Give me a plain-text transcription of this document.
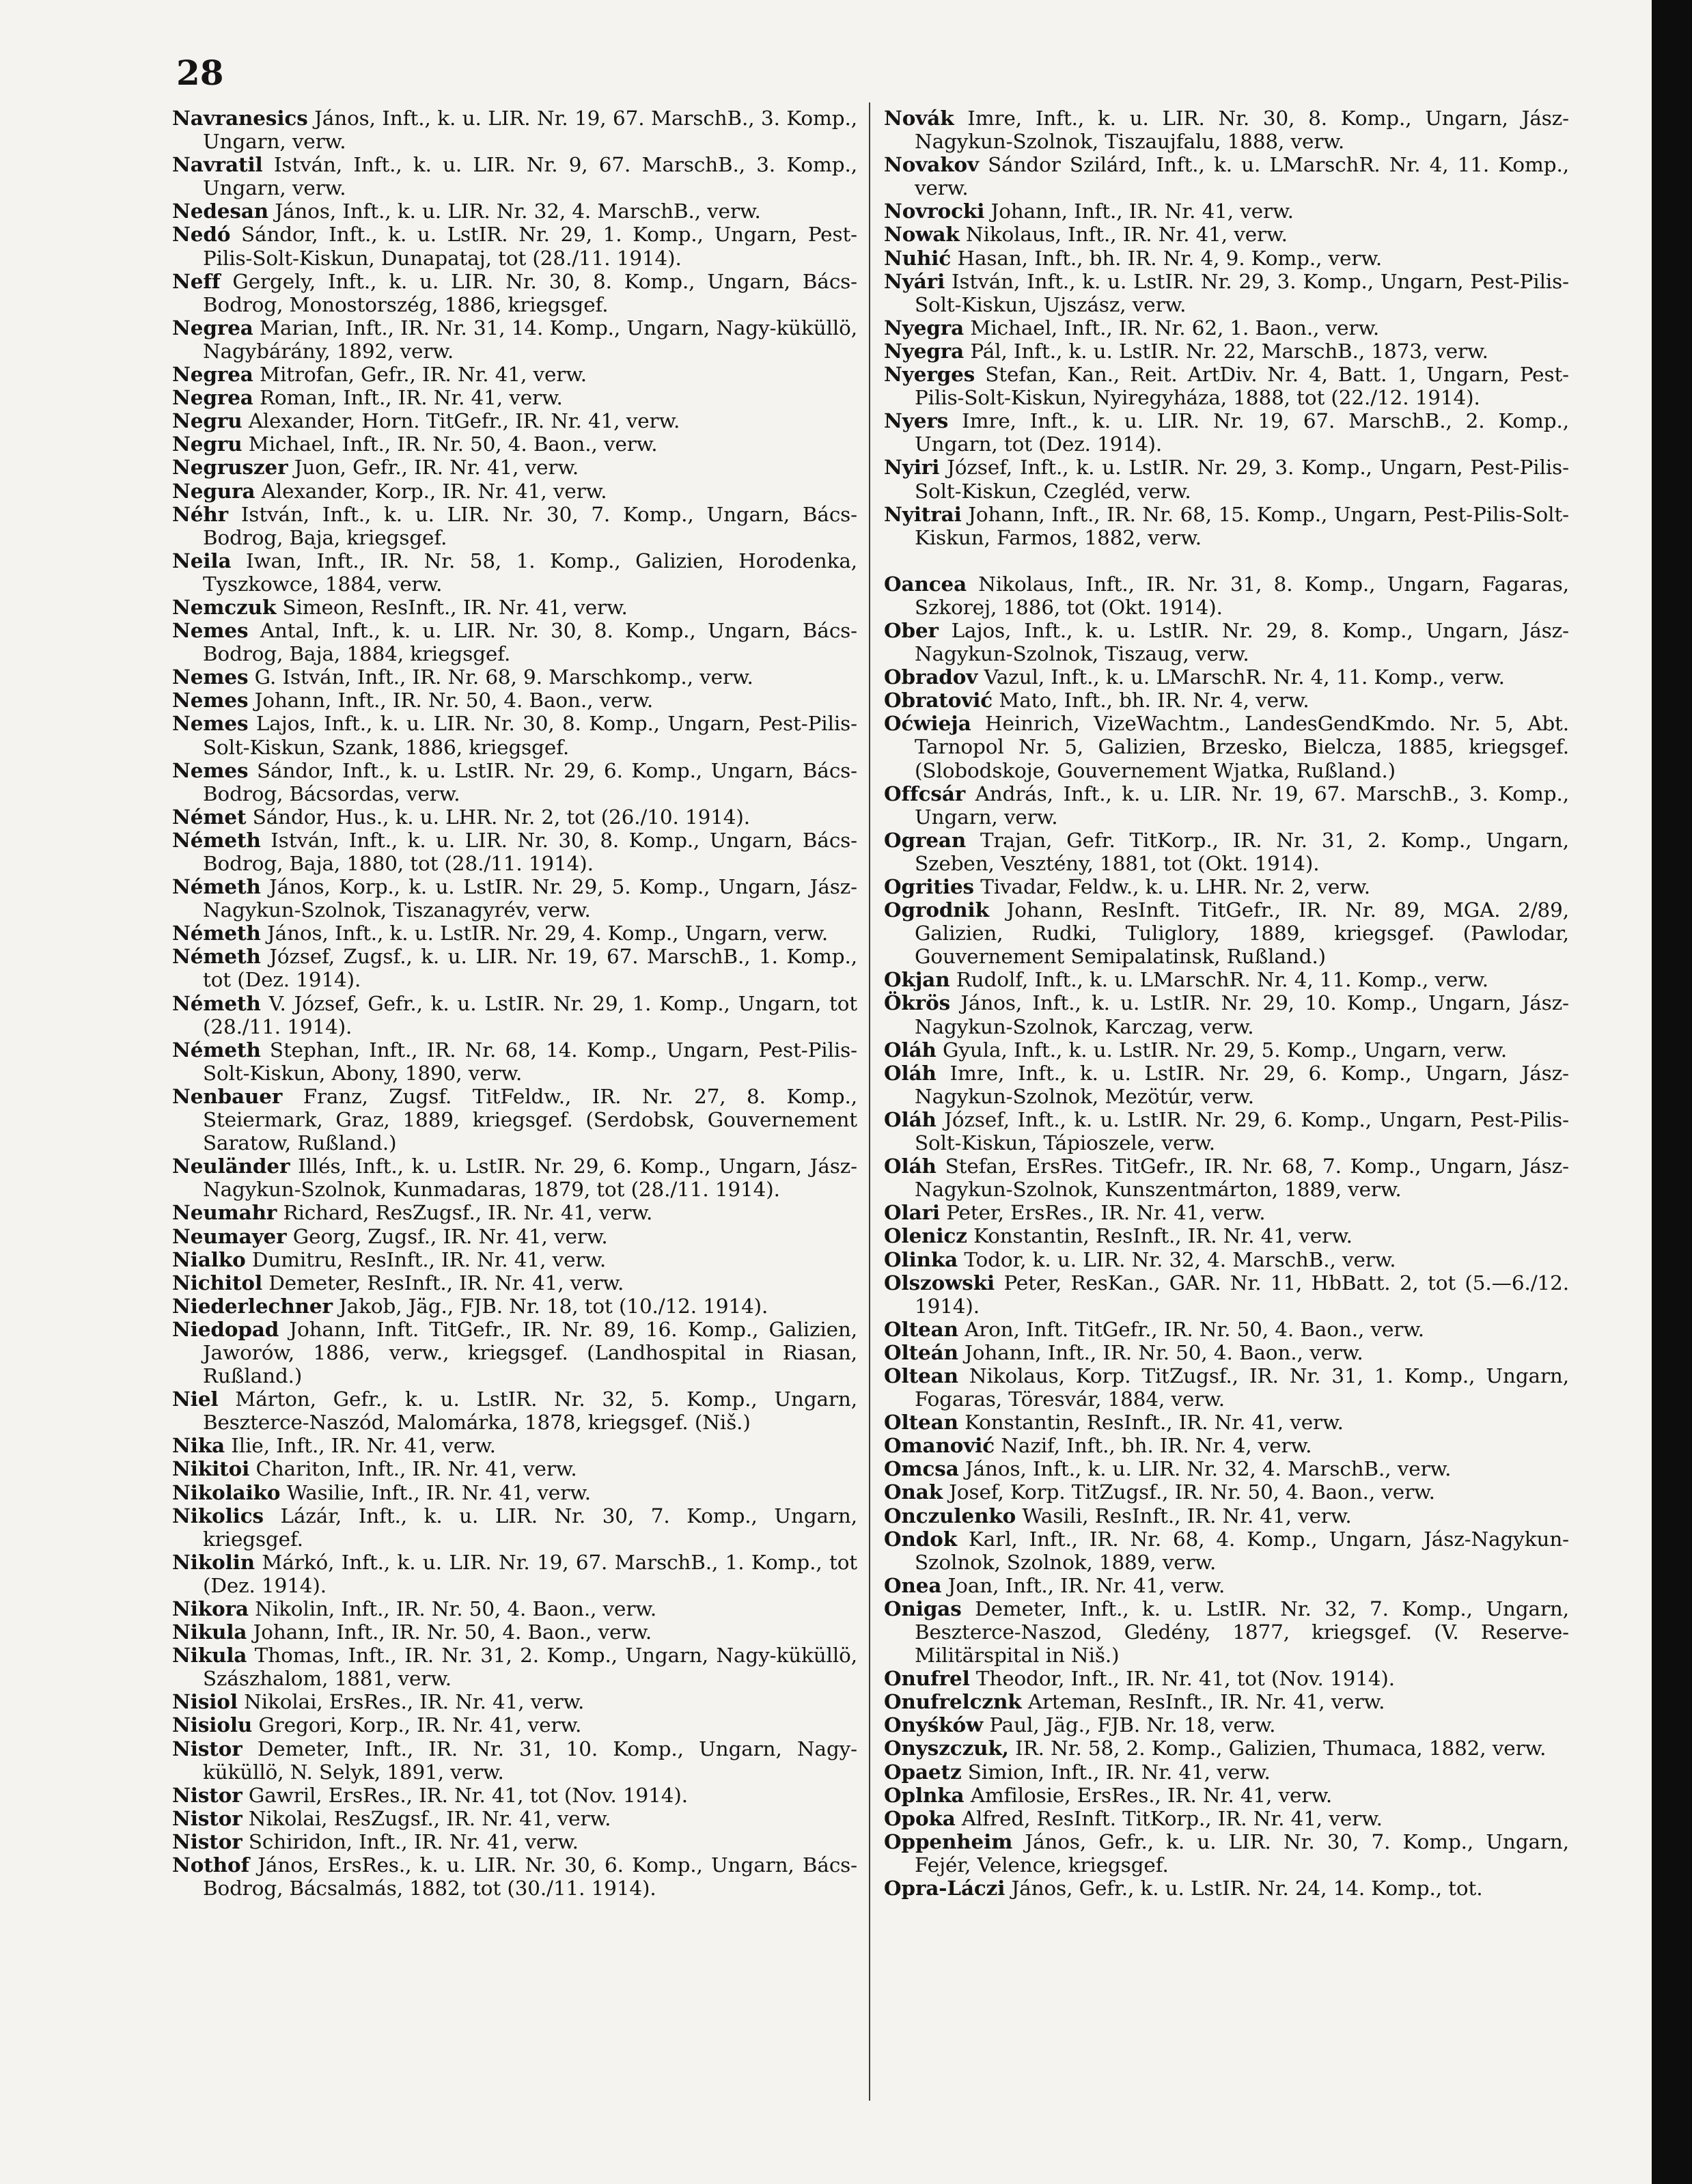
28

Navranesics János, Inft., k. u. LIR. Nr. 19, 67. MarschB., 3. Komp., Ungarn, verw.

Navratil István, Inft., k. u. LIR. Nr. 9, 67. MarschB., 3. Komp., Ungarn, verw.

Nedesan János, Inft., k. u. LIR. Nr. 32, 4. MarschB., verw.

Nedó Sándor, Inft., k. u. LstIR. Nr. 29, 1. Komp., Ungarn, Pest-Pilis-Solt-Kiskun, Dunapataj, tot (28./11. 1914).

Neff Gergely, Inft., k. u. LIR. Nr. 30, 8. Komp., Ungarn, Bács-Bodrog, Monostorszég, 1886, kriegsgef.

Negrea Marian, Inft., IR. Nr. 31, 14. Komp., Ungarn, Nagy-küküllö, Nagybárány, 1892, verw.

Negrea Mitrofan, Gefr., IR. Nr. 41, verw.

Negrea Roman, Inft., IR. Nr. 41, verw.

Negru Alexander, Horn. TitGefr., IR. Nr. 41, verw.

Negru Michael, Inft., IR. Nr. 50, 4. Baon., verw.

Negruszer Juon, Gefr., IR. Nr. 41, verw.

Negura Alexander, Korp., IR. Nr. 41, verw.

Néhr István, Inft., k. u. LIR. Nr. 30, 7. Komp., Ungarn, Bács-Bodrog, Baja, kriegsgef.

Neila Iwan, Inft., IR. Nr. 58, 1. Komp., Galizien, Horodenka, Tyszkowce, 1884, verw.

Nemczuk Simeon, ResInft., IR. Nr. 41, verw.

Nemes Antal, Inft., k. u. LIR. Nr. 30, 8. Komp., Ungarn, Bács-Bodrog, Baja, 1884, kriegsgef.

Nemes G. István, Inft., IR. Nr. 68, 9. Marschkomp., verw.

Nemes Johann, Inft., IR. Nr. 50, 4. Baon., verw.

Nemes Lajos, Inft., k. u. LIR. Nr. 30, 8. Komp., Ungarn, Pest-Pilis-Solt-Kiskun, Szank, 1886, kriegsgef.

Nemes Sándor, Inft., k. u. LstIR. Nr. 29, 6. Komp., Ungarn, Bács-Bodrog, Bácsordas, verw.

Német Sándor, Hus., k. u. LHR. Nr. 2, tot (26./10. 1914).

Németh István, Inft., k. u. LIR. Nr. 30, 8. Komp., Ungarn, Bács-Bodrog, Baja, 1880, tot (28./11. 1914).

Németh János, Korp., k. u. LstIR. Nr. 29, 5. Komp., Ungarn, Jász-Nagykun-Szolnok, Tiszanagyrév, verw.

Németh János, Inft., k. u. LstIR. Nr. 29, 4. Komp., Ungarn, verw.

Németh József, Zugsf., k. u. LIR. Nr. 19, 67. MarschB., 1. Komp., tot (Dez. 1914).

Németh V. József, Gefr., k. u. LstIR. Nr. 29, 1. Komp., Ungarn, tot (28./11. 1914).

Németh Stephan, Inft., IR. Nr. 68, 14. Komp., Ungarn, Pest-Pilis-Solt-Kiskun, Abony, 1890, verw.

Nenbauer Franz, Zugsf. TitFeldw., IR. Nr. 27, 8. Komp., Steiermark, Graz, 1889, kriegsgef. (Serdobsk, Gouvernement Saratow, Rußland.)

Neuländer Illés, Inft., k. u. LstIR. Nr. 29, 6. Komp., Ungarn, Jász-Nagykun-Szolnok, Kunmadaras, 1879, tot (28./11. 1914).

Neumahr Richard, ResZugsf., IR. Nr. 41, verw.

Neumayer Georg, Zugsf., IR. Nr. 41, verw.

Nialko Dumitru, ResInft., IR. Nr. 41, verw.

Nichitol Demeter, ResInft., IR. Nr. 41, verw.

Niederlechner Jakob, Jäg., FJB. Nr. 18, tot (10./12. 1914).

Niedopad Johann, Inft. TitGefr., IR. Nr. 89, 16. Komp., Galizien, Jaworów, 1886, verw., kriegsgef. (Landhospital in Riasan, Rußland.)

Niel Márton, Gefr., k. u. LstIR. Nr. 32, 5. Komp., Ungarn, Beszterce-Naszód, Malomárka, 1878, kriegsgef. (Niš.)

Nika Ilie, Inft., IR. Nr. 41, verw.

Nikitoi Chariton, Inft., IR. Nr. 41, verw.

Nikolaiko Wasilie, Inft., IR. Nr. 41, verw.

Nikolics Lázár, Inft., k. u. LIR. Nr. 30, 7. Komp., Ungarn, kriegsgef.

Nikolin Márkó, Inft., k. u. LIR. Nr. 19, 67. MarschB., 1. Komp., tot (Dez. 1914).

Nikora Nikolin, Inft., IR. Nr. 50, 4. Baon., verw.

Nikula Johann, Inft., IR. Nr. 50, 4. Baon., verw.

Nikula Thomas, Inft., IR. Nr. 31, 2. Komp., Ungarn, Nagy-küküllö, Szászhalom, 1881, verw.

Nisiol Nikolai, ErsRes., IR. Nr. 41, verw.

Nisiolu Gregori, Korp., IR. Nr. 41, verw.

Nistor Demeter, Inft., IR. Nr. 31, 10. Komp., Ungarn, Nagy-küküllö, N. Selyk, 1891, verw.

Nistor Gawril, ErsRes., IR. Nr. 41, tot (Nov. 1914).

Nistor Nikolai, ResZugsf., IR. Nr. 41, verw.

Nistor Schiridon, Inft., IR. Nr. 41, verw.

Nothof János, ErsRes., k. u. LIR. Nr. 30, 6. Komp., Ungarn, Bács-Bodrog, Bácsalmás, 1882, tot (30./11. 1914).

Novák Imre, Inft., k. u. LIR. Nr. 30, 8. Komp., Ungarn, Jász-Nagykun-Szolnok, Tiszaujfalu, 1888, verw.

Novakov Sándor Szilárd, Inft., k. u. LMarschR. Nr. 4, 11. Komp., verw.

Novrocki Johann, Inft., IR. Nr. 41, verw.

Nowak Nikolaus, Inft., IR. Nr. 41, verw.

Nuhić Hasan, Inft., bh. IR. Nr. 4, 9. Komp., verw.

Nyári István, Inft., k. u. LstIR. Nr. 29, 3. Komp., Ungarn, Pest-Pilis-Solt-Kiskun, Ujszász, verw.

Nyegra Michael, Inft., IR. Nr. 62, 1. Baon., verw.

Nyegra Pál, Inft., k. u. LstIR. Nr. 22, MarschB., 1873, verw.

Nyerges Stefan, Kan., Reit. ArtDiv. Nr. 4, Batt. 1, Ungarn, Pest-Pilis-Solt-Kiskun, Nyiregyháza, 1888, tot (22./12. 1914).

Nyers Imre, Inft., k. u. LIR. Nr. 19, 67. MarschB., 2. Komp., Ungarn, tot (Dez. 1914).

Nyiri József, Inft., k. u. LstIR. Nr. 29, 3. Komp., Ungarn, Pest-Pilis-Solt-Kiskun, Czegléd, verw.

Nyitrai Johann, Inft., IR. Nr. 68, 15. Komp., Ungarn, Pest-Pilis-Solt-Kiskun, Farmos, 1882, verw.

Oancea Nikolaus, Inft., IR. Nr. 31, 8. Komp., Ungarn, Fagaras, Szkorej, 1886, tot (Okt. 1914).

Ober Lajos, Inft., k. u. LstIR. Nr. 29, 8. Komp., Ungarn, Jász-Nagykun-Szolnok, Tiszaug, verw.

Obradov Vazul, Inft., k. u. LMarschR. Nr. 4, 11. Komp., verw.

Obratović Mato, Inft., bh. IR. Nr. 4, verw.

Oćwieja Heinrich, VizeWachtm., LandesGendKmdo. Nr. 5, Abt. Tarnopol Nr. 5, Galizien, Brzesko, Bielcza, 1885, kriegsgef. (Slobodskoje, Gouvernement Wjatka, Rußland.)

Offcsár András, Inft., k. u. LIR. Nr. 19, 67. MarschB., 3. Komp., Ungarn, verw.

Ogrean Trajan, Gefr. TitKorp., IR. Nr. 31, 2. Komp., Ungarn, Szeben, Vesztény, 1881, tot (Okt. 1914).

Ogrities Tivadar, Feldw., k. u. LHR. Nr. 2, verw.

Ogrodnik Johann, ResInft. TitGefr., IR. Nr. 89, MGA. 2/89, Galizien, Rudki, Tuliglory, 1889, kriegsgef. (Pawlodar, Gouvernement Semipalatinsk, Rußland.)

Okjan Rudolf, Inft., k. u. LMarschR. Nr. 4, 11. Komp., verw.

Ökrös János, Inft., k. u. LstIR. Nr. 29, 10. Komp., Ungarn, Jász-Nagykun-Szolnok, Karczag, verw.

Oláh Gyula, Inft., k. u. LstIR. Nr. 29, 5. Komp., Ungarn, verw.

Oláh Imre, Inft., k. u. LstIR. Nr. 29, 6. Komp., Ungarn, Jász-Nagykun-Szolnok, Mezötúr, verw.

Oláh József, Inft., k. u. LstIR. Nr. 29, 6. Komp., Ungarn, Pest-Pilis-Solt-Kiskun, Tápioszele, verw.

Oláh Stefan, ErsRes. TitGefr., IR. Nr. 68, 7. Komp., Ungarn, Jász-Nagykun-Szolnok, Kunszentmárton, 1889, verw.

Olari Peter, ErsRes., IR. Nr. 41, verw.

Olenicz Konstantin, ResInft., IR. Nr. 41, verw.

Olinka Todor, k. u. LIR. Nr. 32, 4. MarschB., verw.

Olszowski Peter, ResKan., GAR. Nr. 11, HbBatt. 2, tot (5.—6./12. 1914).

Oltean Aron, Inft. TitGefr., IR. Nr. 50, 4. Baon., verw.

Olteán Johann, Inft., IR. Nr. 50, 4. Baon., verw.

Oltean Nikolaus, Korp. TitZugsf., IR. Nr. 31, 1. Komp., Ungarn, Fogaras, Töresvár, 1884, verw.

Oltean Konstantin, ResInft., IR. Nr. 41, verw.

Omanović Nazif, Inft., bh. IR. Nr. 4, verw.

Omcsa János, Inft., k. u. LIR. Nr. 32, 4. MarschB., verw.

Onak Josef, Korp. TitZugsf., IR. Nr. 50, 4. Baon., verw.

Onczulenko Wasili, ResInft., IR. Nr. 41, verw.

Ondok Karl, Inft., IR. Nr. 68, 4. Komp., Ungarn, Jász-Nagykun-Szolnok, Szolnok, 1889, verw.

Onea Joan, Inft., IR. Nr. 41, verw.

Onigas Demeter, Inft., k. u. LstIR. Nr. 32, 7. Komp., Ungarn, Beszterce-Naszod, Gledény, 1877, kriegsgef. (V. Reserve-Militärspital in Niš.)

Onufrel Theodor, Inft., IR. Nr. 41, tot (Nov. 1914).

Onufrelcznk Arteman, ResInft., IR. Nr. 41, verw.

Onyśków Paul, Jäg., FJB. Nr. 18, verw.

Onyszczuk, IR. Nr. 58, 2. Komp., Galizien, Thumaca, 1882, verw.

Opaetz Simion, Inft., IR. Nr. 41, verw.

Oplnka Amfilosie, ErsRes., IR. Nr. 41, verw.

Opoka Alfred, ResInft. TitKorp., IR. Nr. 41, verw.

Oppenheim János, Gefr., k. u. LIR. Nr. 30, 7. Komp., Ungarn, Fejér, Velence, kriegsgef.

Opra-Láczi János, Gefr., k. u. LstIR. Nr. 24, 14. Komp., tot.
